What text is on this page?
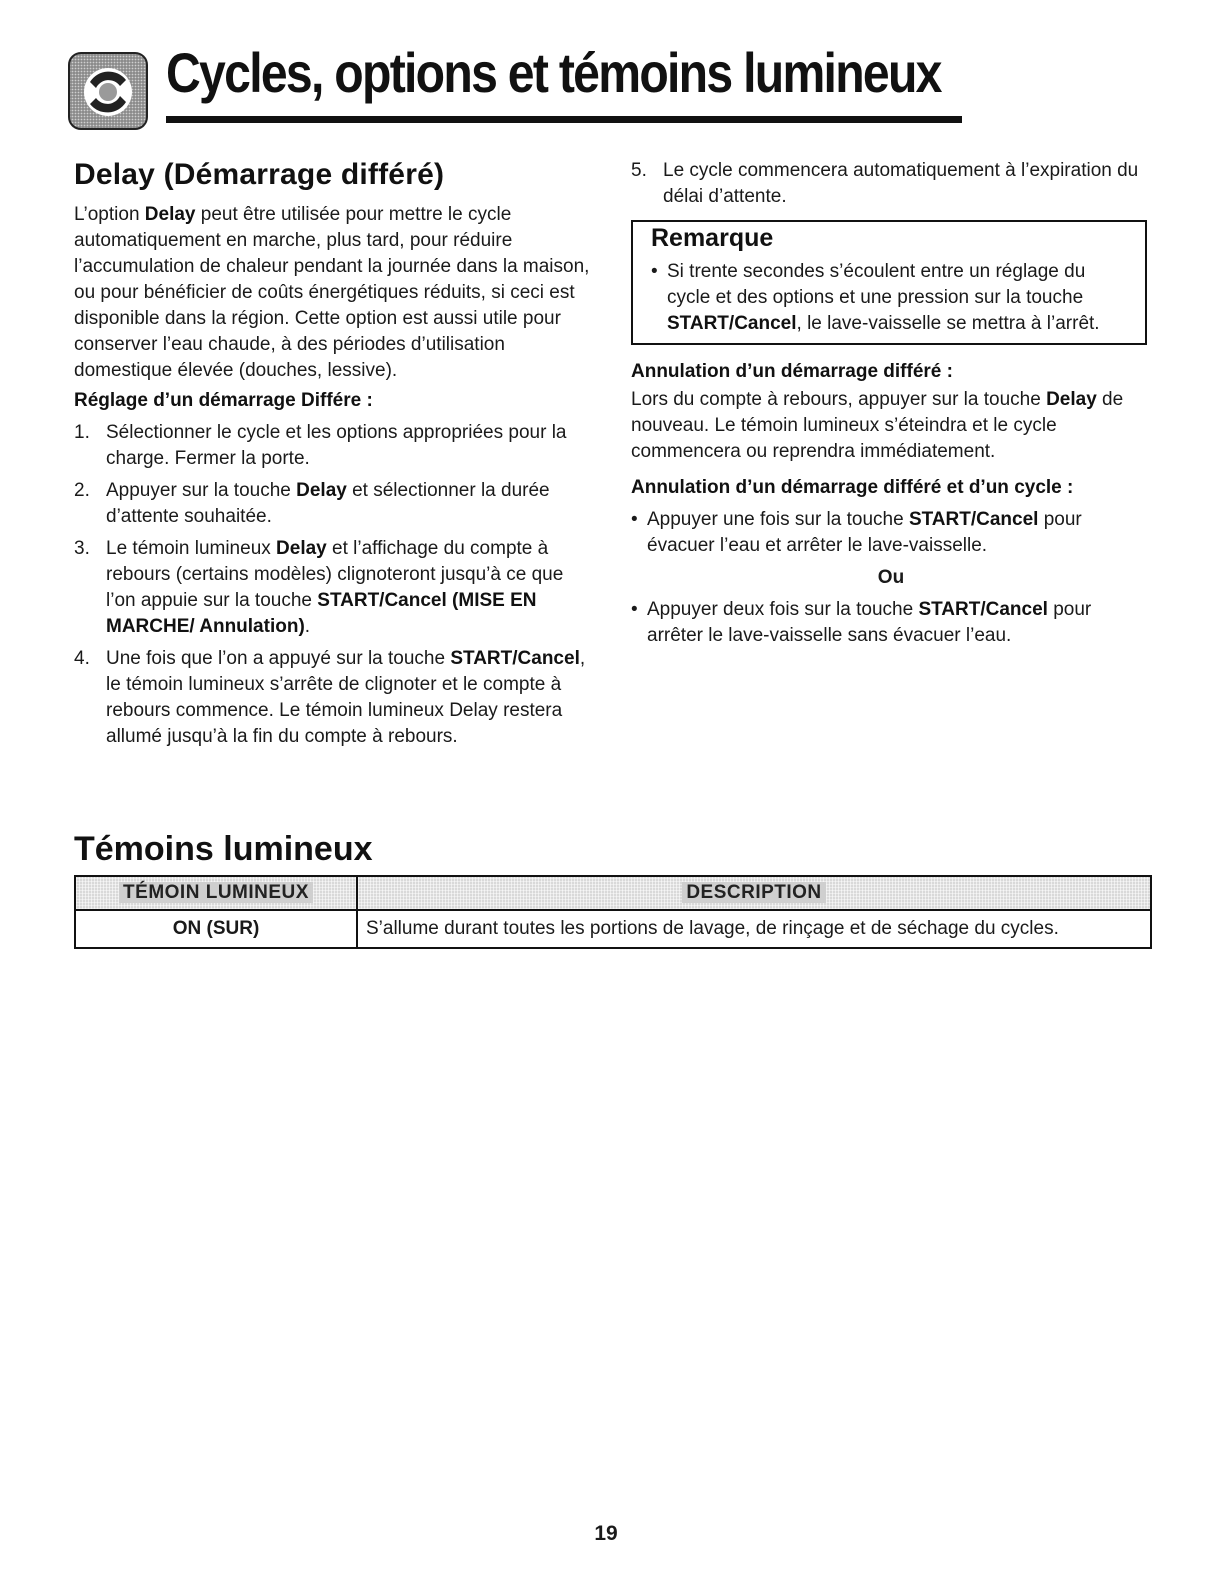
Cycles, options et témoins lumineux
Delay (Démarrage différé)

L’option Delay peut être utilisée pour mettre le cycle automatiquement en marche, plus tard, pour réduire l’accumulation de chaleur pendant la journée dans la maison, ou pour bénéficier de coûts énergétiques réduits, si ceci est disponible dans la région. Cette option est aussi utile pour conserver l’eau chaude, à des périodes d’utilisation domestique élevée (douches, lessive).

Réglage d’un démarrage Différe :
1. Sélectionner le cycle et les options appropriées pour la charge. Fermer la porte.
2. Appuyer sur la touche Delay et sélectionner la durée d’attente souhaitée.
3. Le témoin lumineux Delay et l’affichage du compte à rebours (certains modèles) clignoteront jusqu’à ce que l’on appuie sur la touche START/Cancel (MISE EN MARCHE/ Annulation).
4. Une fois que l’on a appuyé sur la touche START/Cancel, le témoin lumineux s’arrête de clignoter et le compte à rebours commence. Le témoin lumineux Delay restera allumé jusqu’à la fin du compte à rebours.
5. Le cycle commencera automatiquement à l’expiration du délai d’attente.
Remarque
• Si trente secondes s’écoulent entre un réglage du cycle et des options et une pression sur la touche START/Cancel, le lave-vaisselle se mettra à l’arrêt.
Annulation d’un démarrage différé :

Lors du compte à rebours, appuyer sur la touche Delay de nouveau. Le témoin lumineux s’éteindra et le cycle commencera ou reprendra immédiatement.

Annulation d’un démarrage différé et d’un cycle :
• Appuyer une fois sur la touche START/Cancel pour évacuer l’eau et arrêter le lave-vaisselle.
Ou
• Appuyer deux fois sur la touche START/Cancel pour arrêter le lave-vaisselle sans évacuer l’eau.
Témoins lumineux
TÉMOIN LUMINEUX	DESCRIPTION
ON (SUR)	S’allume durant toutes les portions de lavage, de rinçage et de séchage du cycles.
19
